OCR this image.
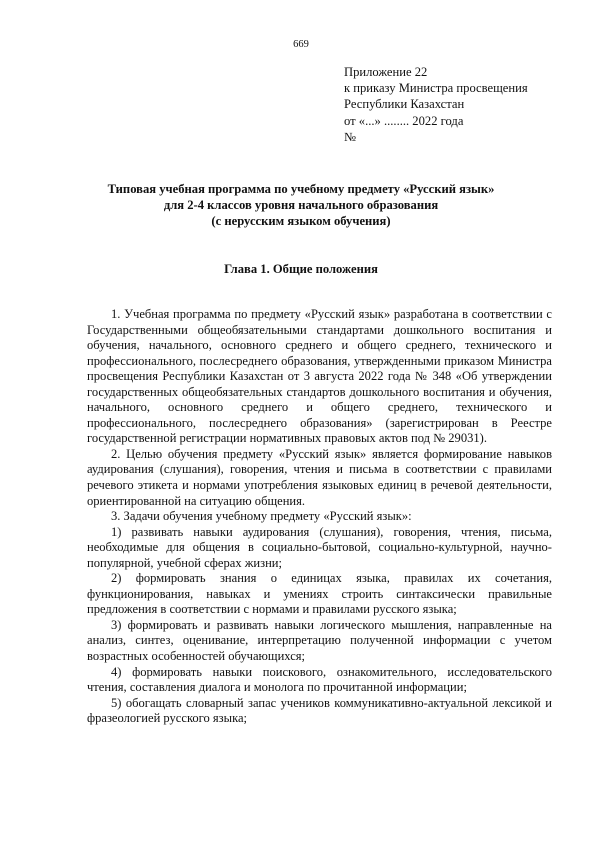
669
Приложение 22
к приказу Министра просвещения
Республики Казахстан
от «...» ........ 2022 года
№
Типовая учебная программа по учебному предмету «Русский язык»
для 2-4 классов уровня начального образования
(с нерусским языком обучения)
Глава 1. Общие положения

1. Учебная программа по предмету «Русский язык» разработана в соответствии с Государственными общеобязательными стандартами дошкольного воспитания и обучения, начального, основного среднего и общего среднего, технического и профессионального, послесреднего образования, утвержденными приказом Министра просвещения Республики Казахстан от 3 августа 2022 года № 348 «Об утверждении государственных общеобязательных стандартов дошкольного воспитания и обучения, начального, основного среднего и общего среднего, технического и профессионального, послесреднего образования» (зарегистрирован в Реестре государственной регистрации нормативных правовых актов под № 29031).

2. Целью обучения предмету «Русский язык» является формирование навыков аудирования (слушания), говорения, чтения и письма в соответствии с правилами речевого этикета и нормами употребления языковых единиц в речевой деятельности, ориентированной на ситуацию общения.

3. Задачи обучения учебному предмету «Русский язык»:

1) развивать навыки аудирования (слушания), говорения, чтения, письма, необходимые для общения в социально-бытовой, социально-культурной, научно-популярной, учебной сферах жизни;

2) формировать знания о единицах языка, правилах их сочетания, функционирования, навыках и умениях строить синтаксически правильные предложения в соответствии с нормами и правилами русского языка;

3) формировать и развивать навыки логического мышления, направленные на анализ, синтез, оценивание, интерпретацию полученной информации с учетом возрастных особенностей обучающихся;

4) формировать навыки поискового, ознакомительного, исследовательского чтения, составления диалога и монолога по прочитанной информации;

5) обогащать словарный запас учеников коммуникативно-актуальной лексикой и фразеологией русского языка;
